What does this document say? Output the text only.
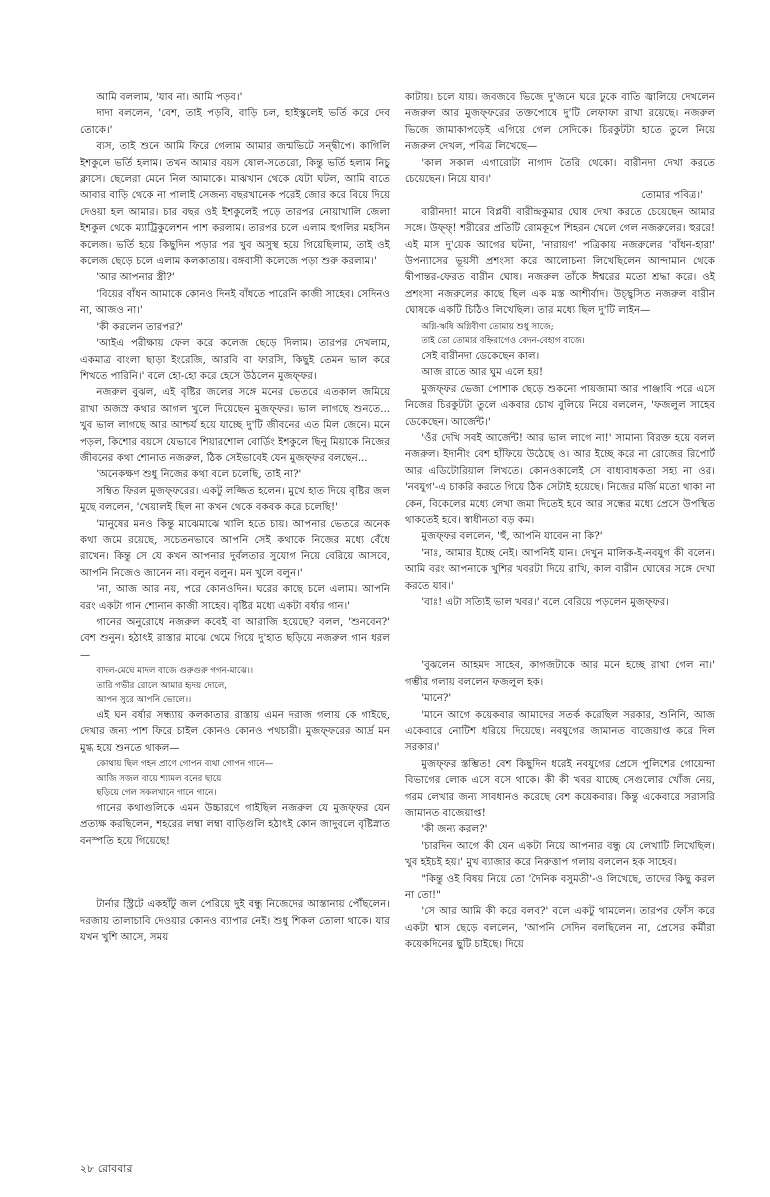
আমি বললাম, 'যাব না। আমি পড়ব।'

দাদা বললেন, 'বেশ, তাই পড়বি, বাড়ি চল, হাইস্কুলেই ভর্তি করে দেব তোকে।'

ব্যস, তাই শুনে আমি ফিরে গেলাম আমার জন্মভিটে সন্দ্বীপে। কাগিলি ইশকুলে ভর্তি হলাম। তখন আমার বয়স ষোল-সতেরো, কিন্তু ভর্তি হলাম নিচু ক্লাসে। ছেলেরা মেনে নিল আমাকে। মাঝখান থেকে যেটা ঘটল, আমি বাতে আবার বাড়ি থেকে না পালাই সেজন্য বছরখানেক পরেই জোর করে বিয়ে দিয়ে দেওয়া হল আমার। চার বছর ওই ইশকুলেই পড়ে তারপর নোয়াখালি জেলা ইশকুল থেকে ম্যাট্রিকুলেশন পাশ করলাম। তারপর চলে এলাম হুগলির মহসিন কলেজ। ভর্তি হয়ে কিছুদিন পড়ার পর খুব অসুস্থ হয়ে গিয়েছিলাম, তাই ওই কলেজ ছেড়ে চলে এলাম কলকাতায়। বঙ্গবাসী কলেজে পড়া শুরু করলাম।'

'আর আপনার স্ত্রী?'

'বিয়ের বাঁধন আমাকে কোনও দিনই বাঁধতে পারেনি কাজী সাহেব। সেদিনও না, আজও না।'

'কী করলেন তারপর?'

'আইএ পরীক্ষায় ফেল করে কলেজ ছেড়ে দিলাম। তারপর দেখলাম, একমাত্র বাংলা ছাড়া ইংরেজি, আরবি বা ফারসি, কিছুই তেমন ভাল করে শিখতে পারিনি।' বলে হো-হো করে হেসে উঠলেন মুজফ্ফর।

নজরুল বুঝল, এই বৃষ্টির জলের সঙ্গে মনের ভেতরে এতকাল জমিয়ে রাখা অজস্র কথার আগল খুলে দিয়েছেন মুজফ্ফর। ভাল লাগছে শুনতে... খুব ভাল লাগছে আর আশ্চর্য হয়ে যাচ্ছে দু'টি জীবনের এত মিল জেনে। মনে পড়ল, কিশোর বয়সে যেভাবে শিয়ারশোল বোর্ডিং ইশকুলে ছিনু মিয়াকে নিজের জীবনের কথা শোনাত নজরুল, ঠিক সেইভাবেই যেন মুজফ্ফর বলছেন...

'অনেকক্ষণ শুধু নিজের কথা বলে চলেছি, তাই না?'

সম্বিত ফিরল মুজফ্ফরের। একটু লজ্জিত হলেন। মুখে হাত দিয়ে বৃষ্টির জল মুছে বললেন, 'খেয়ালই ছিল না কখন থেকে বকবক করে চলেছি!'

'মানুষের মনও কিন্তু মাঝেমাঝে খালি হতে চায়। আপনার ভেতরে অনেক কথা জমে রয়েছে, সচেতনভাবে আপনি সেই কথাকে নিজের মধ্যে বেঁধে রাখেন। কিন্তু সে যে কখন আপনার দুর্বলতার সুযোগ নিয়ে বেরিয়ে আসবে, আপনি নিজেও জানেন না। বলুন বলুন। মন খুলে বলুন।'

'না, আজ আর নয়, পরে কোনওদিন। ঘরের কাছে চলে এলাম। আপনি বরং একটা গান শোনান কাজী সাহেব। বৃষ্টির মধ্যে একটা বর্ষার গান।'

গানের অনুরোধে নজরুল কবেই বা আরাজি হয়েছে? বলল, 'শুনবেন?' বেশ শুনুন। হঠাৎই রাস্তার মাঝে থেমে গিয়ে দু'হাত ছড়িয়ে নজরুল গান ধরল—

বাদল-মেঘে মাদল বাজে গুরুগুরু গগন-মাঝে।।

তারি গভীর রোলে আমার হৃদয় দোলে,

আপন সুরে আপনি ভোলে।।

এই ঘন বর্ষার সন্ধ্যায় কলকাতার রাস্তায় এমন দরাজ গলায় কে গাইছে, দেখার জন্য পাশ ফিরে চাইল কোনও কোনও পথচারী। মুজফ্ফরের আর্দ্র মন মুগ্ধ হয়ে শুনতে থাকল—

কোথায় ছিল গহন প্রাণে গোপন ব্যথা গোপন গানে—

আজি সজল বায়ে শ্যামল বনের ছায়ে

ছড়িয়ে গেল সকলখানে গানে গানে।

গানের কথাগুলিকে এমন উচ্চারণে গাইছিল নজরুল যে মুজফ্ফর যেন প্রত্যক্ষ করছিলেন, শহরের লম্বা লম্বা বাড়িগুলি হঠাৎই কোন জাদুবলে বৃষ্টিস্নাত বনস্পতি হয়ে গিয়েছে!

টার্নার স্ট্রিটে একহাঁটু জল পেরিয়ে দুই বন্ধু নিজেদের আস্তানায় পৌঁছলেন। দরজায় তালাচাবি দেওয়ার কোনও ব্যাপার নেই। শুধু শিকল তোলা থাকে। যার যখন খুশি আসে, সময়

কাটায়। চলে যায়। জবজবে ভিজে দু'জনে ঘরে ঢুকে বাতি জ্বালিয়ে দেখলেন নজরুল আর মুজফ্ফরের তক্তপোষে দু'টি লেফাফা রাখা রয়েছে। নজরুল ভিজে জামাকাপড়েই এগিয়ে গেল সেদিকে। চিরকুটটা হাতে তুলে নিয়ে নজরুল দেখল, পবিত্র লিখেছে—

'কাল সকাল এগারোটা নাগাদ তৈরি থেকো। বারীনদা দেখা করতে চেয়েছেন। নিয়ে যাব।'

তোমার পবিত্র।'

বারীনদা! মানে বিপ্লবী বারীন্দ্রকুমার ঘোষ দেখা করতে চেয়েছেন আমার সঙ্গে। উফ্ফ্! শরীরের প্রতিটি রোমকূপে শিহরন খেলে গেল নজরুলের। হুররে! এই মাস দু'য়েক আগের ঘটনা, 'নারায়ণ' পত্রিকায় নজরুলের 'বাঁধন-হারা' উপন্যাসের ভূয়সী প্রশংসা করে আলোচনা লিখেছিলেন আন্দামান থেকে দ্বীপান্তর-ফেরত বারীন ঘোষ। নজরুল তাঁকে ঈশ্বরের মতো শ্রদ্ধা করে। ওই প্রশংসা নজরুলের কাছে ছিল এক মস্ত আশীর্বাদ। উচ্ছ্বসিত নজরুল বারীন ঘোষকে একটি চিঠিও লিখেছিল। তার মধ্যে ছিল দু'টি লাইন—

অগ্নি-ঋষি অগ্নিবীণা তোমায় শুধু সাজে;

তাই তো তোমার বহ্নিরাগেও বেদন-বেহাগ বাজে।

সেই বারীনদা ডেকেছেন কাল।

আজ রাতে আর ঘুম এলে হয়!

মুজফ্ফর ভেজা পোশাক ছেড়ে শুকনো পায়জামা আর পাঞ্জাবি পরে এসে নিজের চিরকুটটা তুলে একবার চোখ বুলিয়ে নিয়ে বললেন, 'ফজলুল সাহেব ডেকেছেন। আর্জেন্ট।'

'ওঁর দেখি সবই আর্জেন্ট! আর ভাল লাগে না!' সামান্য বিরক্ত হয়ে বলল নজরুল। ইদানীং বেশ হাঁফিয়ে উঠেছে ও। আর ইচ্ছে করে না রোজের রিপোর্ট আর এডিটোরিয়াল লিখতে। কোনওকালেই সে বাধ্যবাধকতা সহ্য না ওর। 'নবযুগ'-এ চাকরি করতে গিয়ে ঠিক সেটাই হয়েছে। নিজের মর্জি মতো থাকা না কেন, বিকেলের মধ্যে লেখা জমা দিতেই হবে আর সন্ধের মধ্যে প্রেসে উপস্থিত থাকতেই হবে। স্বাধীনতা বড় কম।

মুজফ্ফর বললেন, 'হুঁ, আপনি যাবেন না কি?'

'নাঃ, আমার ইচ্ছে নেই। আপনিই যান। দেখুন মালিক-ই-নবযুগ কী বলেন। আমি বরং আপনাকে খুশির খবরটা দিয়ে রাখি, কাল বারীন ঘোষের সঙ্গে দেখা করতে যাব।'

'বাঃ! এটা সত্যিই ভাল খবর।' বলে বেরিয়ে পড়লেন মুজফ্ফর।

'বুঝলেন আহমদ সাহেব, কাগজটাকে আর মনে হচ্ছে রাখা গেল না।' গম্ভীর গলায় বললেন ফজলুল হক।

'মানে?'

'মানে আগে কয়েকবার আমাদের সতর্ক করেছিল সরকার, শুনিনি, আজ একেবারে নোটিশ ধরিয়ে দিয়েছে। নবযুগের জামানত বাজেয়াপ্ত করে দিল সরকার।'

মুজফ্ফর স্তম্ভিত! বেশ কিছুদিন ধরেই নবযুগের প্রেসে পুলিশের গোয়েন্দা বিভাগের লোক এসে বসে থাকে। কী কী খবর যাচ্ছে সেগুলোর খোঁজ নেয়, গরম লেখার জন্য সাবধানও করেছে বেশ কয়েকবার। কিন্তু একেবারে সরাসরি জামানত বাজেয়াপ্ত!

'কী জন্য করল?'

'চারদিন আগে কী যেন একটা নিয়ে আপনার বন্ধু যে লেখাটি লিখেছিল। খুব হইচই হয়।' মুখ ব্যাজার করে নিরুত্তাপ গলায় বললেন হক সাহেব।

"কিন্তু ওই বিষয় নিয়ে তো 'দৈনিক বসুমতী'-ও লিখেছে, তাদের কিছু করল না তো!"

'সে আর আমি কী করে বলব?' বলে একটু থামলেন। তারপর ফোঁস করে একটা শ্বাস ছেড়ে বললেন, 'আপনি সেদিন বলছিলেন না, প্রেসের কর্মীরা কয়েকদিনের ছুটি চাইছে। দিয়ে

২৮ রোববার
